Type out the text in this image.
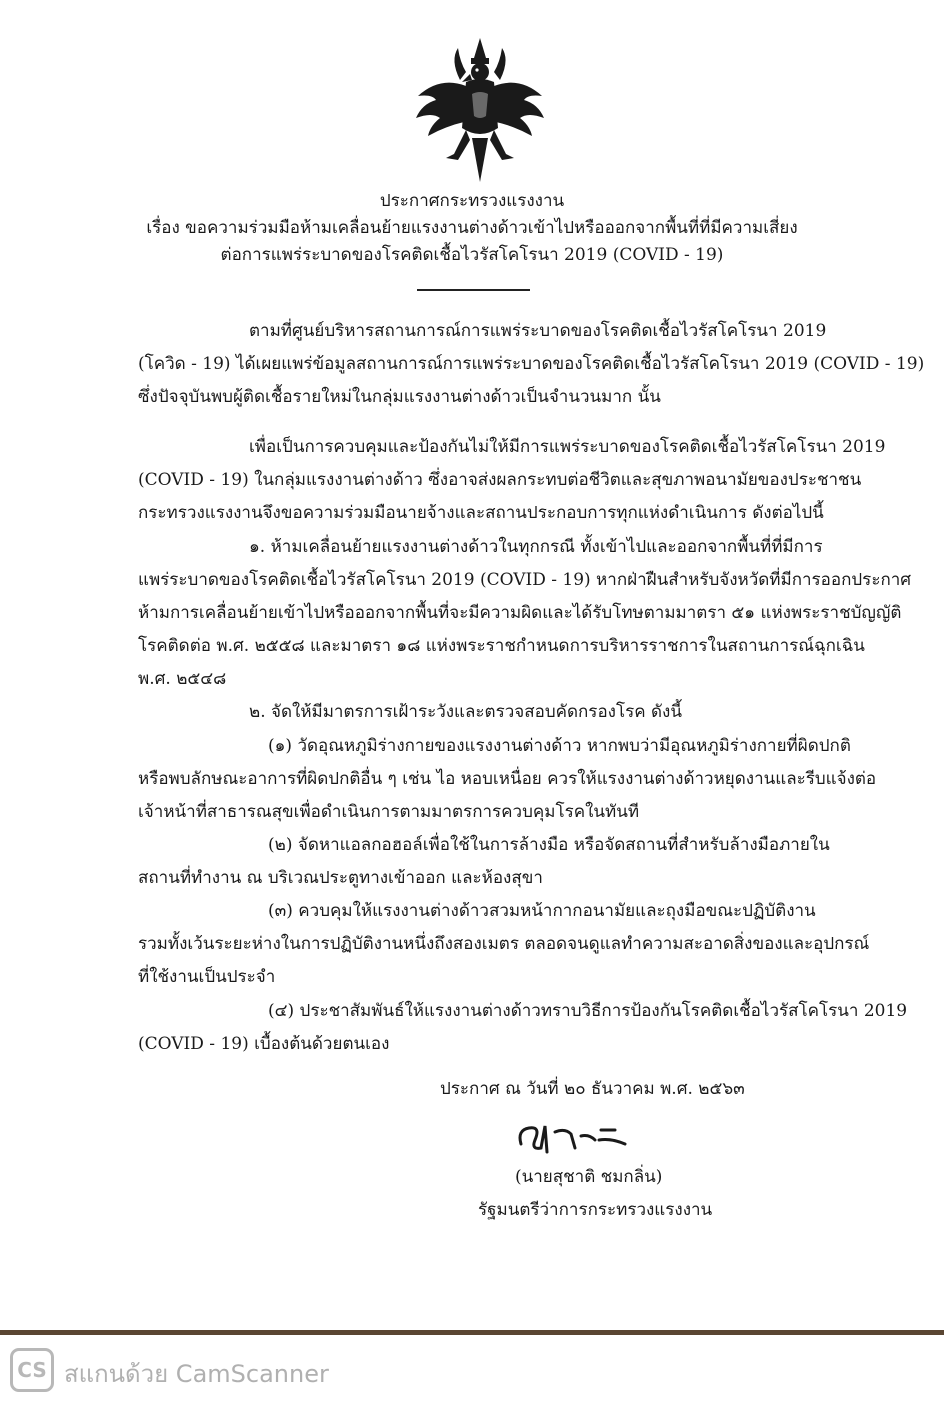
ประกาศกระทรวงแรงงาน
เรื่อง ขอความร่วมมือห้ามเคลื่อนย้ายแรงงานต่างด้าวเข้าไปหรือออกจากพื้นที่ที่มีความเสี่ยง
ต่อการแพร่ระบาดของโรคติดเชื้อไวรัสโคโรนา 2019 (COVID - 19)
ตามที่ศูนย์บริหารสถานการณ์การแพร่ระบาดของโรคติดเชื้อไวรัสโคโรนา 2019
(โควิด - 19) ได้เผยแพร่ข้อมูลสถานการณ์การแพร่ระบาดของโรคติดเชื้อไวรัสโคโรนา 2019 (COVID - 19)
ซึ่งปัจจุบันพบผู้ติดเชื้อรายใหม่ในกลุ่มแรงงานต่างด้าวเป็นจำนวนมาก นั้น
เพื่อเป็นการควบคุมและป้องกันไม่ให้มีการแพร่ระบาดของโรคติดเชื้อไวรัสโคโรนา 2019
(COVID - 19) ในกลุ่มแรงงานต่างด้าว ซึ่งอาจส่งผลกระทบต่อชีวิตและสุขภาพอนามัยของประชาชน
กระทรวงแรงงานจึงขอความร่วมมือนายจ้างและสถานประกอบการทุกแห่งดำเนินการ ดังต่อไปนี้
๑. ห้ามเคลื่อนย้ายแรงงานต่างด้าวในทุกกรณี ทั้งเข้าไปและออกจากพื้นที่ที่มีการ
แพร่ระบาดของโรคติดเชื้อไวรัสโคโรนา 2019 (COVID - 19) หากฝ่าฝืนสำหรับจังหวัดที่มีการออกประกาศ
ห้ามการเคลื่อนย้ายเข้าไปหรือออกจากพื้นที่จะมีความผิดและได้รับโทษตามมาตรา ๕๑ แห่งพระราชบัญญัติ
โรคติดต่อ พ.ศ. ๒๕๕๘ และมาตรา ๑๘ แห่งพระราชกำหนดการบริหารราชการในสถานการณ์ฉุกเฉิน
พ.ศ. ๒๕๔๘
๒. จัดให้มีมาตรการเฝ้าระวังและตรวจสอบคัดกรองโรค ดังนี้
(๑) วัดอุณหภูมิร่างกายของแรงงานต่างด้าว หากพบว่ามีอุณหภูมิร่างกายที่ผิดปกติ
หรือพบลักษณะอาการที่ผิดปกติอื่น ๆ เช่น ไอ หอบเหนื่อย ควรให้แรงงานต่างด้าวหยุดงานและรีบแจ้งต่อ
เจ้าหน้าที่สาธารณสุขเพื่อดำเนินการตามมาตรการควบคุมโรคในทันที
(๒) จัดหาแอลกอฮอล์เพื่อใช้ในการล้างมือ หรือจัดสถานที่สำหรับล้างมือภายใน
สถานที่ทำงาน ณ บริเวณประตูทางเข้าออก และห้องสุขา
(๓) ควบคุมให้แรงงานต่างด้าวสวมหน้ากากอนามัยและถุงมือขณะปฏิบัติงาน
รวมทั้งเว้นระยะห่างในการปฏิบัติงานหนึ่งถึงสองเมตร ตลอดจนดูแลทำความสะอาดสิ่งของและอุปกรณ์
ที่ใช้งานเป็นประจำ
(๔) ประชาสัมพันธ์ให้แรงงานต่างด้าวทราบวิธีการป้องกันโรคติดเชื้อไวรัสโคโรนา 2019
(COVID - 19) เบื้องต้นด้วยตนเอง
ประกาศ ณ วันที่ ๒๐ ธันวาคม พ.ศ. ๒๕๖๓
(นายสุชาติ ชมกลิ่น)
รัฐมนตรีว่าการกระทรวงแรงงาน
CS สแกนด้วย CamScanner
